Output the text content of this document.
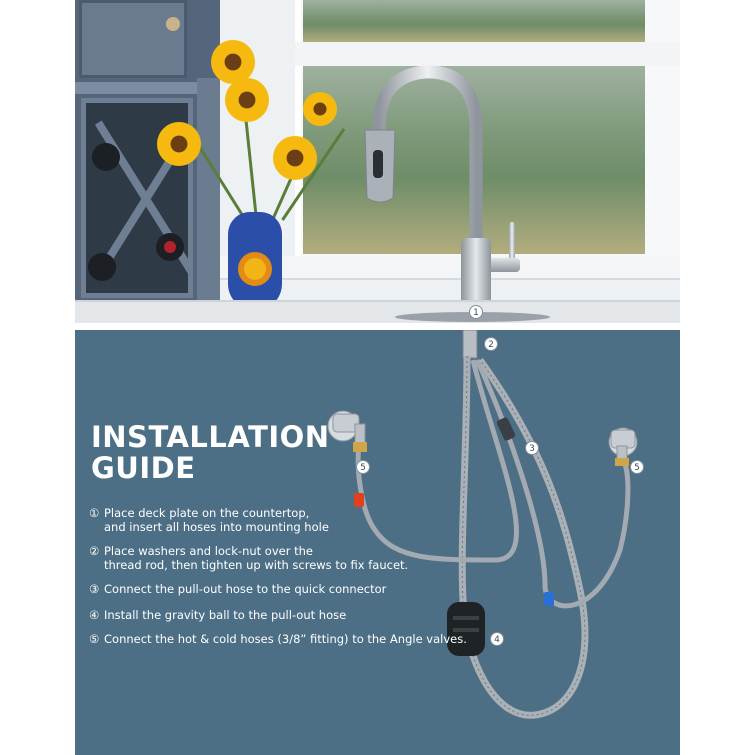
1
INSTALLATION
GUIDE
① Place deck plate on the countertop,
and insert all hoses into mounting hole
② Place washers and lock-nut over the
thread rod, then tighten up with screws to fix faucet.
③ Connect the pull-out hose to the quick connector
④ Install the gravity ball to the pull-out hose
⑤ Connect the hot & cold hoses (3/8” fitting) to the Angle valves.
2
3
4
5	5
